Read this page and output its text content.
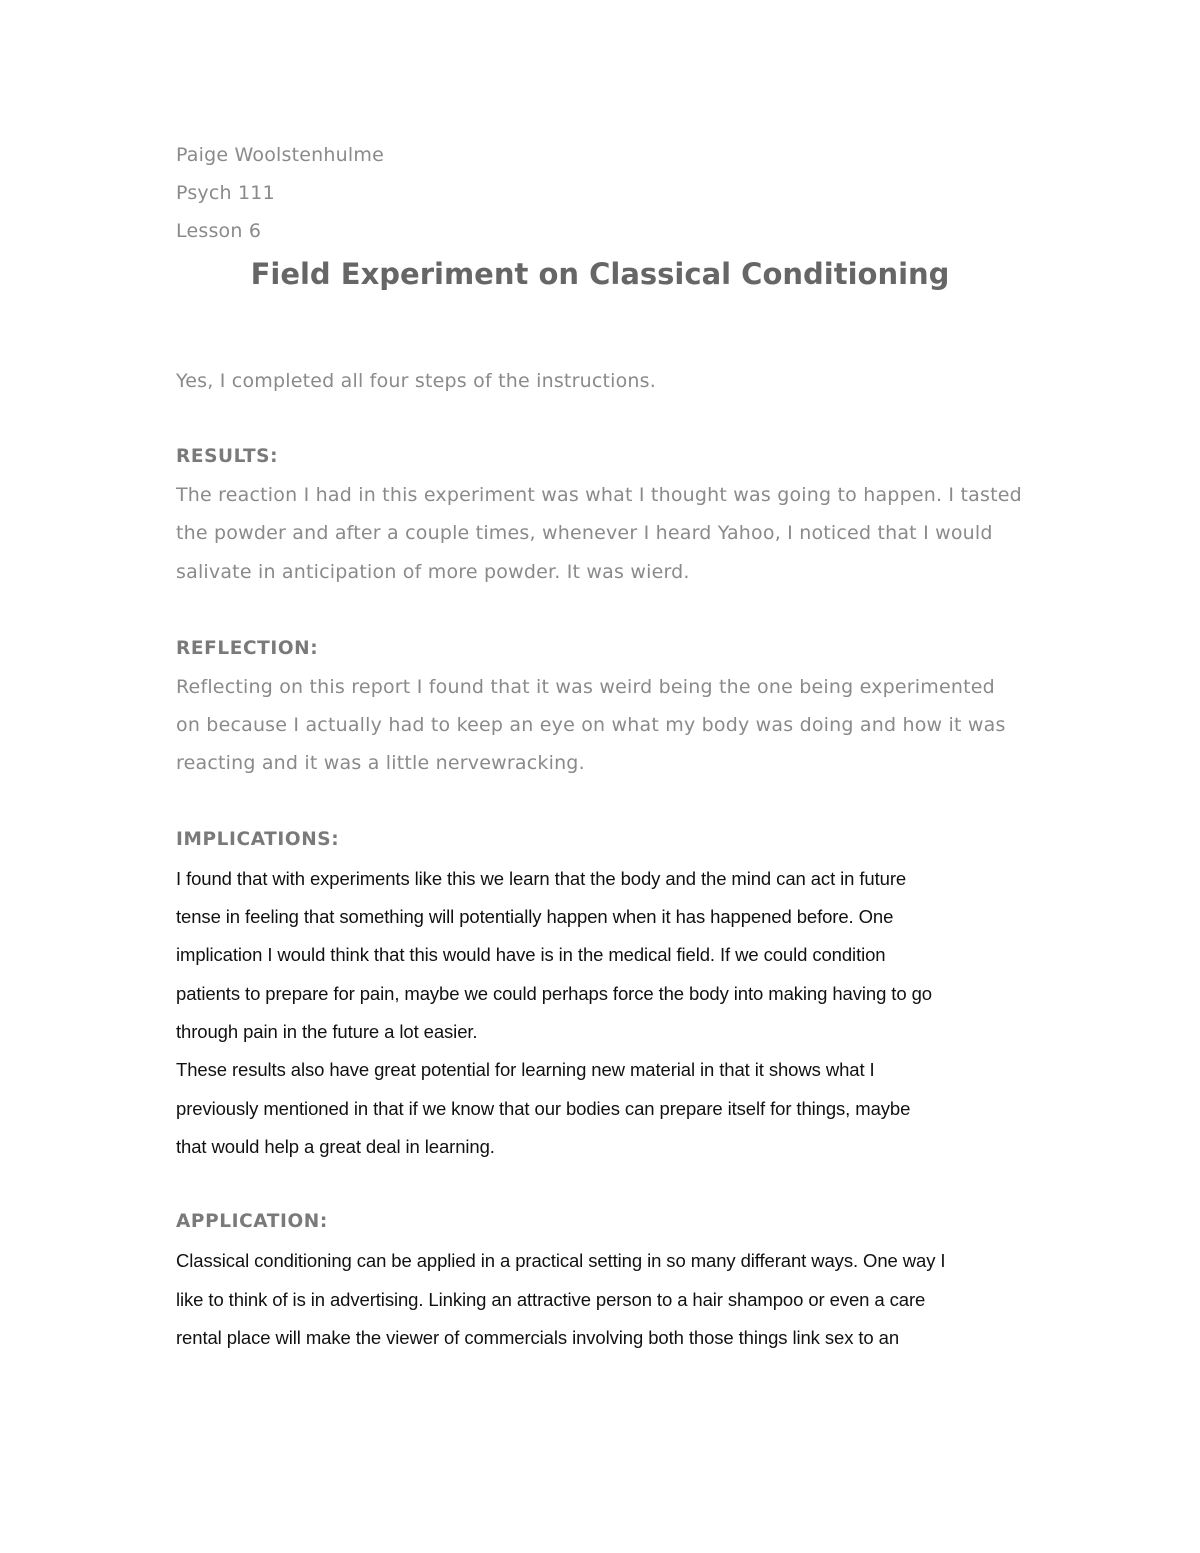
Paige Woolstenhulme

Psych 111

Lesson 6

Field Experiment on Classical Conditioning

Yes, I completed all four steps of the instructions.

RESULTS:

The reaction I had in this experiment was what I thought was going to happen. I tasted

the powder and after a couple times, whenever I heard Yahoo, I noticed that I would

salivate in anticipation of more powder. It was wierd.

REFLECTION:

Reflecting on this report I found that it was weird being the one being experimented

on because I actually had to keep an eye on what my body was doing and how it was

reacting and it was a little nervewracking.

IMPLICATIONS:

I found that with experiments like this we learn that the body and the mind can act in future

tense in feeling that something will potentially happen when it has happened before. One

implication I would think that this would have is in the medical field. If we could condition

patients to prepare for pain, maybe we could perhaps force the body into making having to go

through pain in the future a lot easier.

These results also have great potential for learning new material in that it shows what I

previously mentioned in that if we know that our bodies can prepare itself for things, maybe

that would help a great deal in learning.

APPLICATION:

Classical conditioning can be applied in a practical setting in so many differant ways. One way I

like to think of is in advertising. Linking an attractive person to a hair shampoo or even a care

rental place will make the viewer of commercials involving both those things link sex to an
